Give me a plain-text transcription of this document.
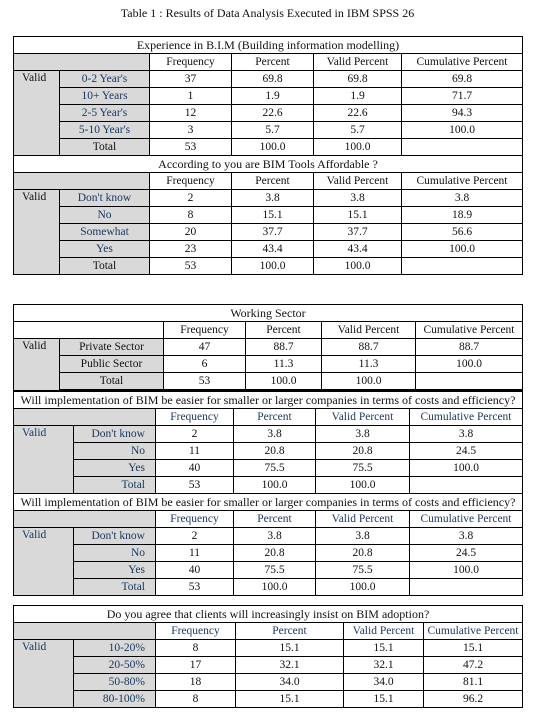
Table 1 : Results of Data Analysis Executed in IBM SPSS 26
Experience in B.I.M (Building information modelling)					
		Frequency	Percent	Valid Percent	Cumulative Percent
Valid	0-2 Year's	37	69.8	69.8	69.8
	10+ Years	1	1.9	1.9	71.7
	2-5 Year's	12	22.6	22.6	94.3
	5-10 Year's	3	5.7	5.7	100.0
	Total	53	100.0	100.0	
According to you are BIM Tools Affordable ?					
		Frequency	Percent	Valid Percent	Cumulative Percent
Valid	Don't know	2	3.8	3.8	3.8
	No	8	15.1	15.1	18.9
	Somewhat	20	37.7	37.7	56.6
	Yes	23	43.4	43.4	100.0
	Total	53	100.0	100.0	
Working Sector					
		Frequency	Percent	Valid Percent	Cumulative Percent
Valid	Private Sector	47	88.7	88.7	88.7
	Public Sector	6	11.3	11.3	100.0
	Total	53	100.0	100.0	
Will implementation of BIM be easier for smaller or larger companies in terms of costs and efficiency?					
		Frequency	Percent	Valid Percent	Cumulative Percent
Valid	Don't know	2	3.8	3.8	3.8
	No	11	20.8	20.8	24.5
	Yes	40	75.5	75.5	100.0
	Total	53	100.0	100.0	
Will implementation of BIM be easier for smaller or larger companies in terms of costs and efficiency?					
		Frequency	Percent	Valid Percent	Cumulative Percent
Valid	Don't know	2	3.8	3.8	3.8
	No	11	20.8	20.8	24.5
	Yes	40	75.5	75.5	100.0
	Total	53	100.0	100.0	
Do you agree that clients will increasingly insist on BIM adoption?					
		Frequency	Percent	Valid Percent	Cumulative Percent
Valid	10-20%	8	15.1	15.1	15.1
	20-50%	17	32.1	32.1	47.2
	50-80%	18	34.0	34.0	81.1
	80-100%	8	15.1	15.1	96.2
